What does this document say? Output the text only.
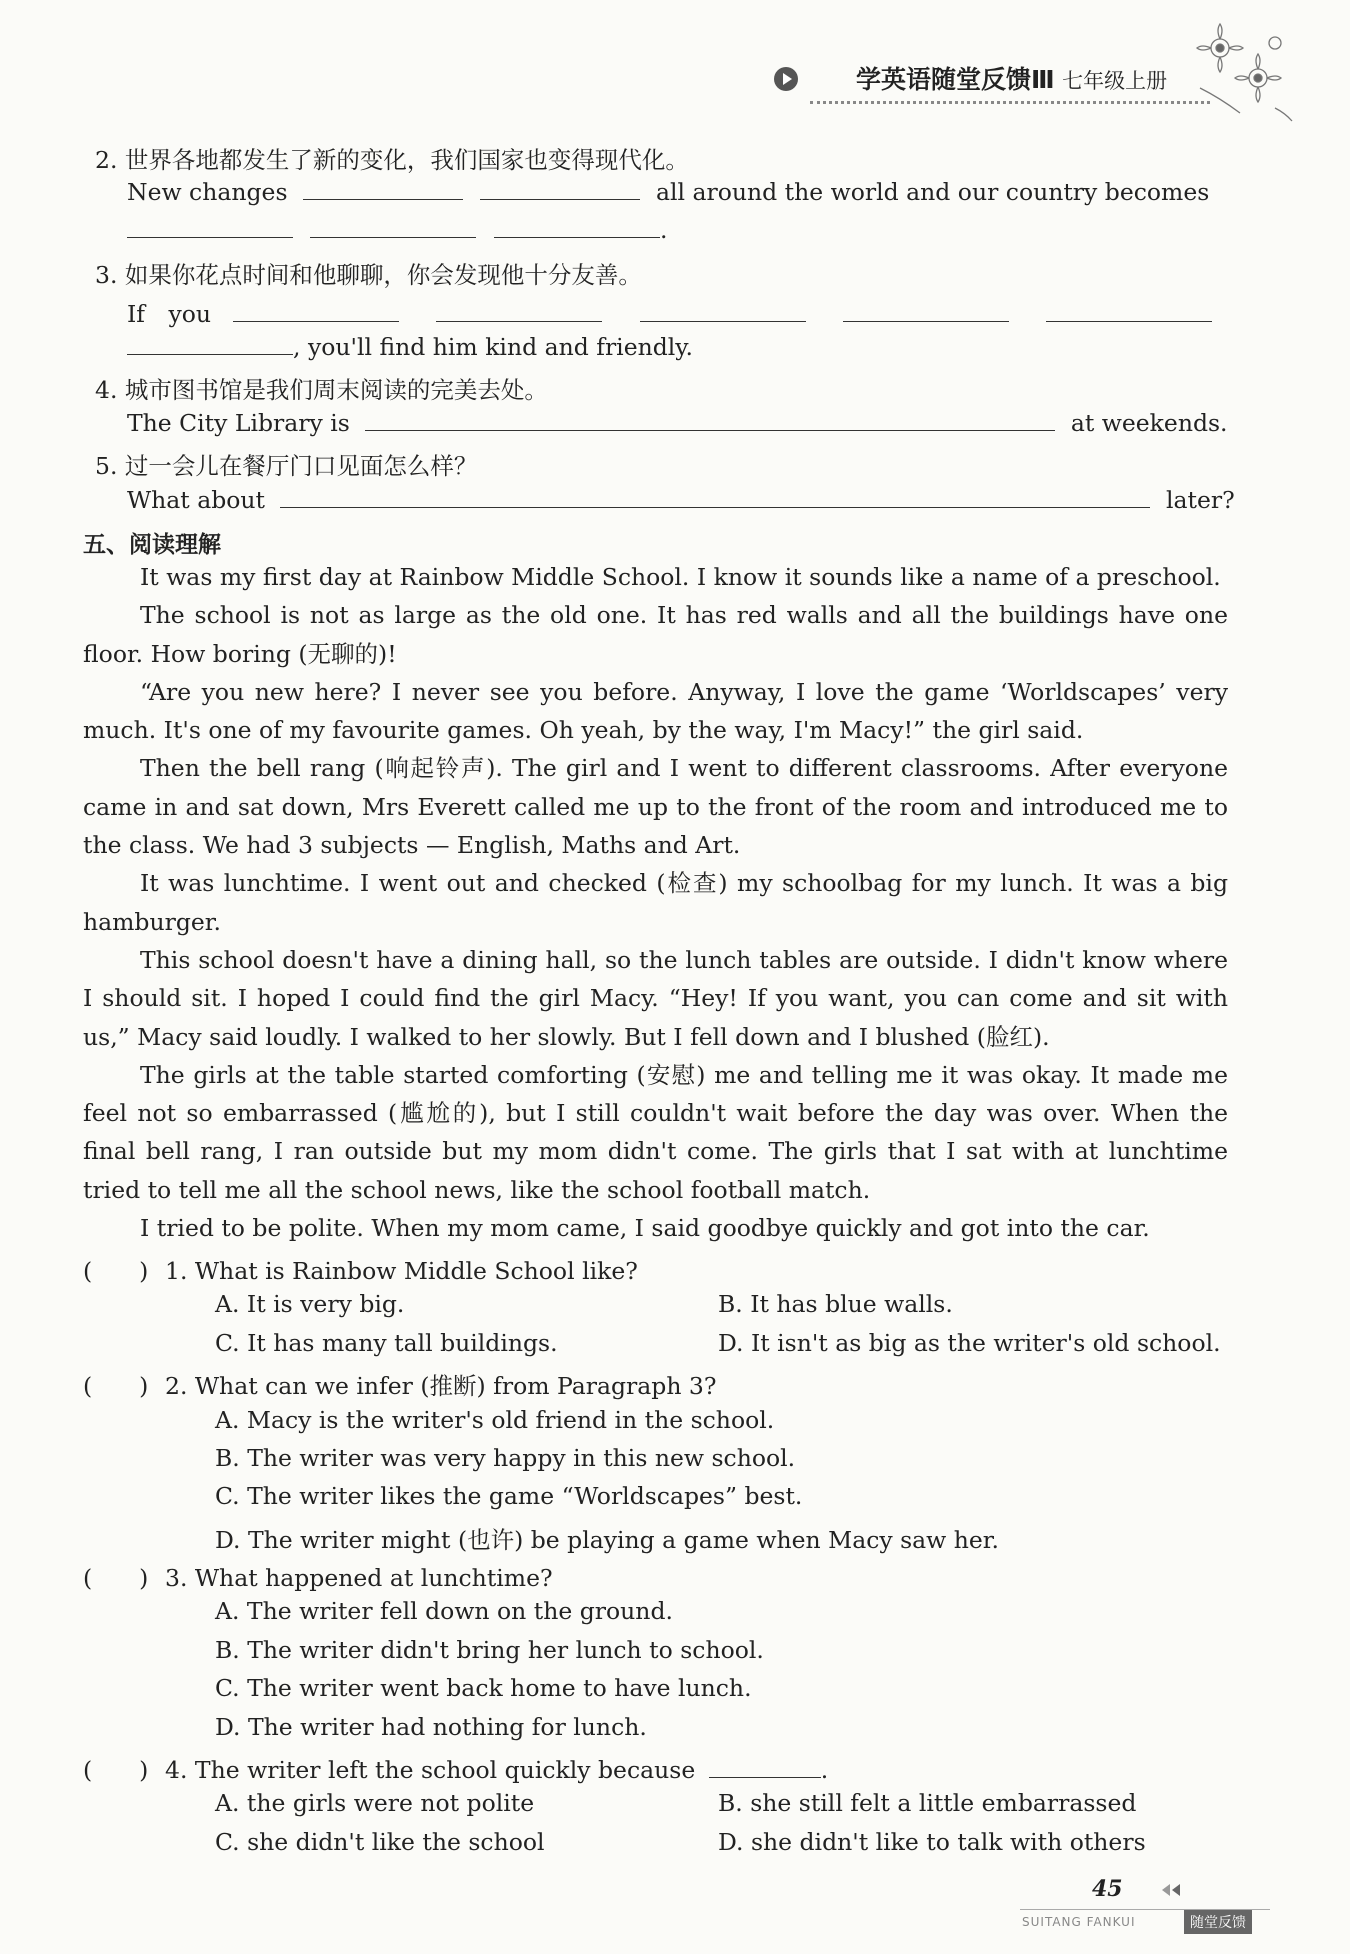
学英语随堂反馈Ⅲ 七年级上册
2. 世界各地都发生了新的变化，我们国家也变得现代化。
New changes	all around the world and our country becomes
.
3. 如果你花点时间和他聊聊，你会发现他十分友善。
If　you
, you'll find him kind and friendly.
4. 城市图书馆是我们周末阅读的完美去处。
The City Library is	at weekends.
5. 过一会儿在餐厅门口见面怎么样？
What about	later?
五、阅读理解

It was my first day at Rainbow Middle School. I know it sounds like a name of a preschool.

The school is not as large as the old one. It has red walls and all the buildings have one floor. How boring (无聊的)!

“Are you new here? I never see you before. Anyway, I love the game ‘Worldscapes’ very much. It's one of my favourite games. Oh yeah, by the way, I'm Macy!” the girl said.

Then the bell rang (响起铃声). The girl and I went to different classrooms. After everyone came in and sat down, Mrs Everett called me up to the front of the room and introduced me to the class. We had 3 subjects — English, Maths and Art.

It was lunchtime. I went out and checked (检查) my schoolbag for my lunch. It was a big hamburger.

This school doesn't have a dining hall, so the lunch tables are outside. I didn't know where I should sit. I hoped I could find the girl Macy. “Hey! If you want, you can come and sit with us,” Macy said loudly. I walked to her slowly. But I fell down and I blushed (脸红).

The girls at the table started comforting (安慰) me and telling me it was okay. It made me feel not so embarrassed (尴尬的), but I still couldn't wait before the day was over. When the final bell rang, I ran outside but my mom didn't come. The girls that I sat with at lunchtime tried to tell me all the school news, like the school football match.

I tried to be polite. When my mom came, I said goodbye quickly and got into the car.

(　　) 1. What is Rainbow Middle School like?
A. It is very big.	B. It has blue walls.
C. It has many tall buildings.	D. It isn't as big as the writer's old school.
(　　) 2. What can we infer (推断) from Paragraph 3?
A. Macy is the writer's old friend in the school.
B. The writer was very happy in this new school.
C. The writer likes the game “Worldscapes” best.
D. The writer might (也许) be playing a game when Macy saw her.
(　　) 3. What happened at lunchtime?
A. The writer fell down on the ground.
B. The writer didn't bring her lunch to school.
C. The writer went back home to have lunch.
D. The writer had nothing for lunch.
(　　) 4. The writer left the school quickly because	.
A. the girls were not polite	B. she still felt a little embarrassed
C. she didn't like the school	D. she didn't like to talk with others
45
SUITANG FANKUI	随堂反馈
